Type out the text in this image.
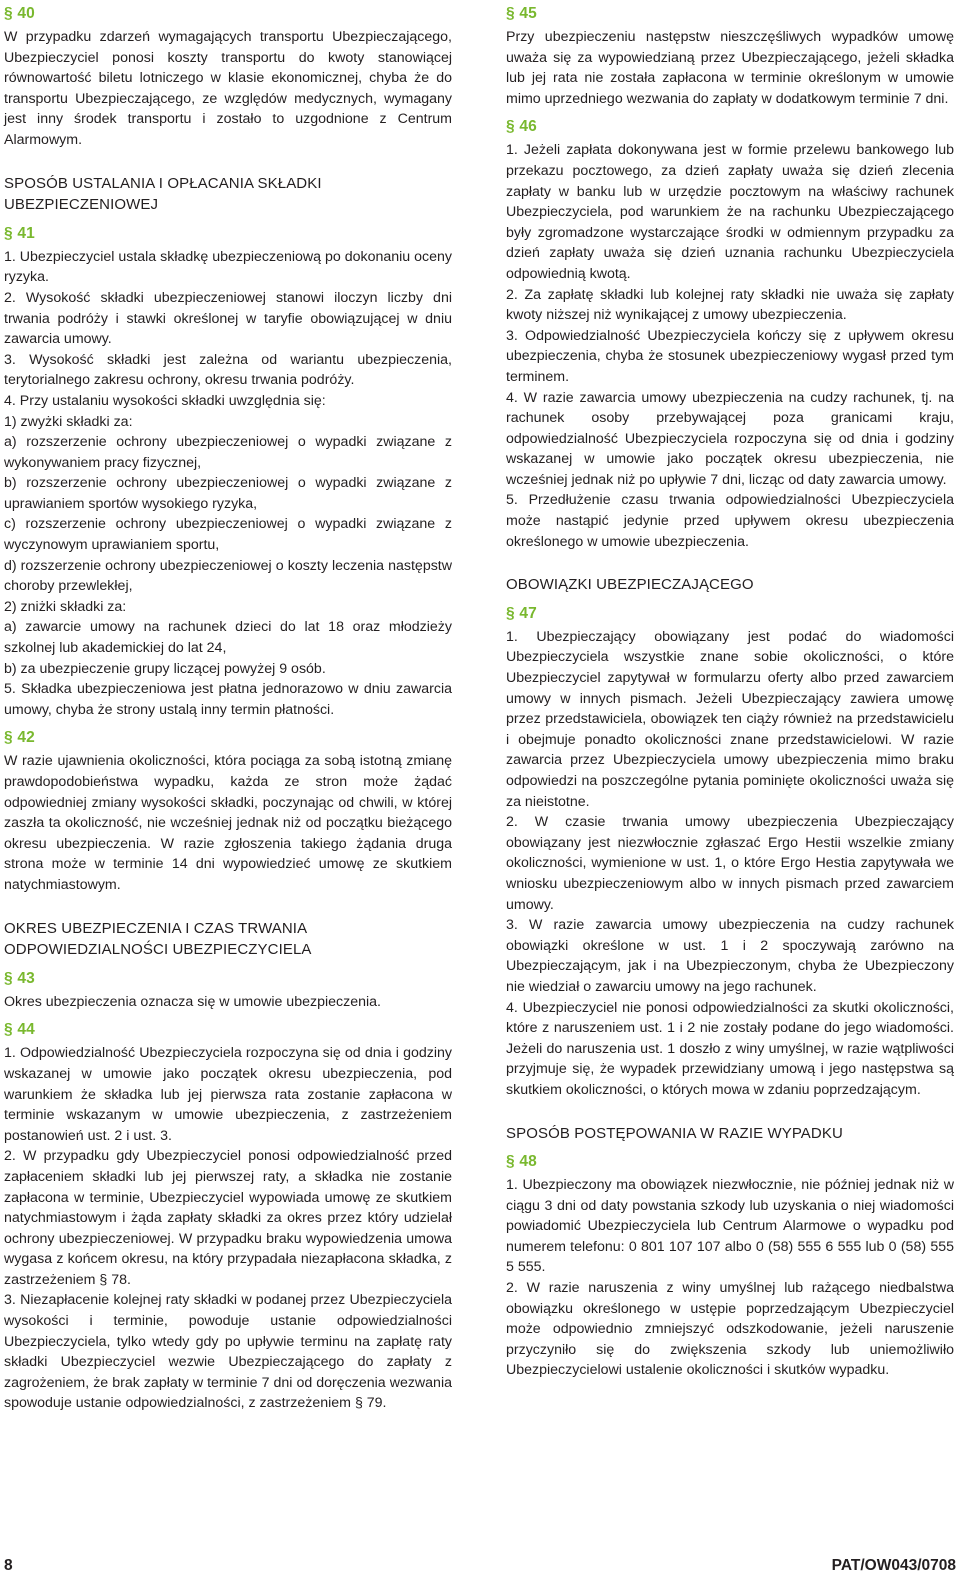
§ 40

W przypadku zdarzeń wymagających transportu Ubezpieczającego, Ubezpieczyciel ponosi koszty transportu do kwoty stanowiącej równowartość biletu lotniczego w klasie ekonomicznej, chyba że do transportu Ubezpieczającego, ze względów medycznych, wymagany jest inny środek transportu i zostało to uzgodnione z Centrum Alarmowym.

SPOSÓB USTALANIA I OPŁACANIA SKŁADKI UBEZPIECZENIOWEJ
§ 41

1. Ubezpieczyciel ustala składkę ubezpieczeniową po dokonaniu oceny ryzyka.

2. Wysokość składki ubezpieczeniowej stanowi iloczyn liczby dni trwania podróży i stawki określonej w taryfie obowiązującej w dniu zawarcia umowy.

3. Wysokość składki jest zależna od wariantu ubezpieczenia, terytorialnego zakresu ochrony, okresu trwania podróży.

4. Przy ustalaniu wysokości składki uwzględnia się:

1) zwyżki składki za:

a) rozszerzenie ochrony ubezpieczeniowej o wypadki związane z wykonywaniem pracy fizycznej,

b) rozszerzenie ochrony ubezpieczeniowej o wypadki związane z uprawianiem sportów wysokiego ryzyka,

c) rozszerzenie ochrony ubezpieczeniowej o wypadki związane z wyczynowym uprawianiem sportu,

d) rozszerzenie ochrony ubezpieczeniowej o koszty leczenia następstw choroby przewlekłej,

2) zniżki składki za:

a) zawarcie umowy na rachunek dzieci do lat 18 oraz młodzieży szkolnej lub akademickiej do lat 24,

b) za ubezpieczenie grupy liczącej powyżej 9 osób.

5. Składka ubezpieczeniowa jest płatna jednorazowo w dniu zawarcia umowy, chyba że strony ustalą inny termin płatności.

§ 42

W razie ujawnienia okoliczności, która pociąga za sobą istotną zmianę prawdopodobieństwa wypadku, każda ze stron może żądać odpowiedniej zmiany wysokości składki, poczynając od chwili, w której zaszła ta okoliczność, nie wcześniej jednak niż od początku bieżącego okresu ubezpieczenia. W razie zgłoszenia takiego żądania druga strona może w terminie 14 dni wypowiedzieć umowę ze skutkiem natychmiastowym.

OKRES UBEZPIECZENIA I CZAS TRWANIA ODPOWIEDZIALNOŚCI UBEZPIECZYCIELA
§ 43

Okres ubezpieczenia oznacza się w umowie ubezpieczenia.

§ 44

1. Odpowiedzialność Ubezpieczyciela rozpoczyna się od dnia i godziny wskazanej w umowie jako początek okresu ubezpieczenia, pod warunkiem że składka lub jej pierwsza rata zostanie zapłacona w terminie wskazanym w umowie ubezpieczenia, z zastrzeżeniem postanowień ust. 2 i ust. 3.

2. W przypadku gdy Ubezpieczyciel ponosi odpowiedzialność przed zapłaceniem składki lub jej pierwszej raty, a składka nie zostanie zapłacona w terminie, Ubezpieczyciel wypowiada umowę ze skutkiem natychmiastowym i żąda zapłaty składki za okres przez który udzielał ochrony ubezpieczeniowej. W przypadku braku wypowiedzenia umowa wygasa z końcem okresu, na który przypadała niezapłacona składka, z zastrzeżeniem § 78.

3. Niezapłacenie kolejnej raty składki w podanej przez Ubezpieczyciela wysokości i terminie, powoduje ustanie odpowiedzialności Ubezpieczyciela, tylko wtedy gdy po upływie terminu na zapłatę raty składki Ubezpieczyciel wezwie Ubezpieczającego do zapłaty z zagrożeniem, że brak zapłaty w terminie 7 dni od doręczenia wezwania spowoduje ustanie odpowiedzialności, z zastrzeżeniem § 79.

§ 45

Przy ubezpieczeniu następstw nieszczęśliwych wypadków umowę uważa się za wypowiedzianą przez Ubezpieczającego, jeżeli składka lub jej rata nie została zapłacona w terminie określonym w umowie mimo uprzedniego wezwania do zapłaty w dodatkowym terminie 7 dni.

§ 46

1. Jeżeli zapłata dokonywana jest w formie przelewu bankowego lub przekazu pocztowego, za dzień zapłaty uważa się dzień zlecenia zapłaty w banku lub w urzędzie pocztowym na właściwy rachunek Ubezpieczyciela, pod warunkiem że na rachunku Ubezpieczającego były zgromadzone wystarczające środki w odmiennym przypadku za dzień zapłaty uważa się dzień uznania rachunku Ubezpieczyciela odpowiednią kwotą.

2. Za zapłatę składki lub kolejnej raty składki nie uważa się zapłaty kwoty niższej niż wynikającej z umowy ubezpieczenia.

3. Odpowiedzialność Ubezpieczyciela kończy się z upływem okresu ubezpieczenia, chyba że stosunek ubezpieczeniowy wygasł przed tym terminem.

4. W razie zawarcia umowy ubezpieczenia na cudzy rachunek, tj. na rachunek osoby przebywającej poza granicami kraju, odpowiedzialność Ubezpieczyciela rozpoczyna się od dnia i godziny wskazanej w umowie jako początek okresu ubezpieczenia, nie wcześniej jednak niż po upływie 7 dni, licząc od daty zawarcia umowy.

5. Przedłużenie czasu trwania odpowiedzialności Ubezpieczyciela może nastąpić jedynie przed upływem okresu ubezpieczenia określonego w umowie ubezpieczenia.

OBOWIĄZKI UBEZPIECZAJĄCEGO
§ 47

1. Ubezpieczający obowiązany jest podać do wiadomości Ubezpieczyciela wszystkie znane sobie okoliczności, o które Ubezpieczyciel zapytywał w formularzu oferty albo przed zawarciem umowy w innych pismach. Jeżeli Ubezpieczający zawiera umowę przez przedstawiciela, obowiązek ten ciąży również na przedstawicielu i obejmuje ponadto okoliczności znane przedstawicielowi. W razie zawarcia przez Ubezpieczyciela umowy ubezpieczenia mimo braku odpowiedzi na poszczególne pytania pominięte okoliczności uważa się za nieistotne.

2. W czasie trwania umowy ubezpieczenia Ubezpieczający obowiązany jest niezwłocznie zgłaszać Ergo Hestii wszelkie zmiany okoliczności, wymienione w ust. 1, o które Ergo Hestia zapytywała we wniosku ubezpieczeniowym albo w innych pismach przed zawarciem umowy.

3. W razie zawarcia umowy ubezpieczenia na cudzy rachunek obowiązki określone w ust. 1 i 2 spoczywają zarówno na Ubezpieczającym, jak i na Ubezpieczonym, chyba że Ubezpieczony nie wiedział o zawarciu umowy na jego rachunek.

4. Ubezpieczyciel nie ponosi odpowiedzialności za skutki okoliczności, które z naruszeniem ust. 1 i 2 nie zostały podane do jego wiadomości. Jeżeli do naruszenia ust. 1 doszło z winy umyślnej, w razie wątpliwości przyjmuje się, że wypadek przewidziany umową i jego następstwa są skutkiem okoliczności, o których mowa w zdaniu poprzedzającym.

SPOSÓB POSTĘPOWANIA W RAZIE WYPADKU
§ 48

1. Ubezpieczony ma obowiązek niezwłocznie, nie później jednak niż w ciągu 3 dni od daty powstania szkody lub uzyskania o niej wiadomości powiadomić Ubezpieczyciela lub Centrum Alarmowe o wypadku pod numerem telefonu: 0 801 107 107 albo 0 (58) 555 6 555 lub 0 (58) 555 5 555.

2. W razie naruszenia z winy umyślnej lub rażącego niedbalstwa obowiązku określonego w ustępie poprzedzającym Ubezpieczyciel może odpowiednio zmniejszyć odszkodowanie, jeżeli naruszenie przyczyniło się do zwiększenia szkody lub uniemożliwiło Ubezpieczycielowi ustalenie okoliczności i skutków wypadku.

8	PAT/OW043/0708
